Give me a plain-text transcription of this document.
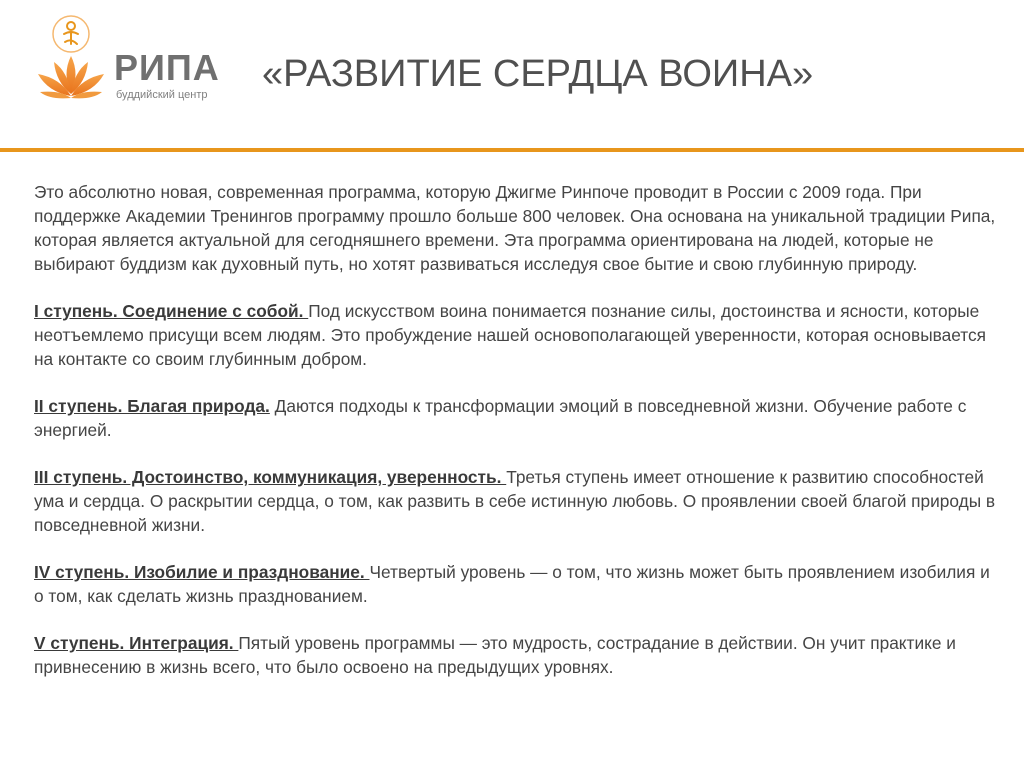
РИПА
буддийский центр «РАЗВИТИЕ СЕРДЦА ВОИНА»

Это абсолютно новая, современная программа, которую Джигме Ринпоче проводит в России с 2009 года. При поддержке Академии Тренингов программу прошло больше 800 человек. Она основана на уникальной традиции Рипа, которая является актуальной для сегодняшнего времени. Эта программа ориентирована на людей, которые не выбирают буддизм как духовный путь, но хотят развиваться исследуя свое бытие и свою глубинную природу.

I ступень. Соединение с собой. Под искусством воина понимается познание силы, достоинства и ясности, которые неотъемлемо присущи всем людям. Это пробуждение нашей основополагающей уверенности, которая основывается на контакте со своим глубинным добром.

II ступень. Благая природа. Даются подходы к трансформации эмоций в повседневной жизни. Обучение работе с энергией.

III ступень. Достоинство, коммуникация, уверенность. Третья ступень имеет отношение к развитию способностей ума и сердца. О раскрытии сердца, о том, как развить в себе истинную любовь. О проявлении своей благой природы в повседневной жизни.

IV ступень. Изобилие и празднование. Четвертый уровень — о том, что жизнь может быть проявлением изобилия и о том, как сделать жизнь празднованием.

V ступень. Интеграция. Пятый уровень программы — это мудрость, сострадание в действии. Он учит практике и привнесению в жизнь всего, что было освоено на предыдущих уровнях.
